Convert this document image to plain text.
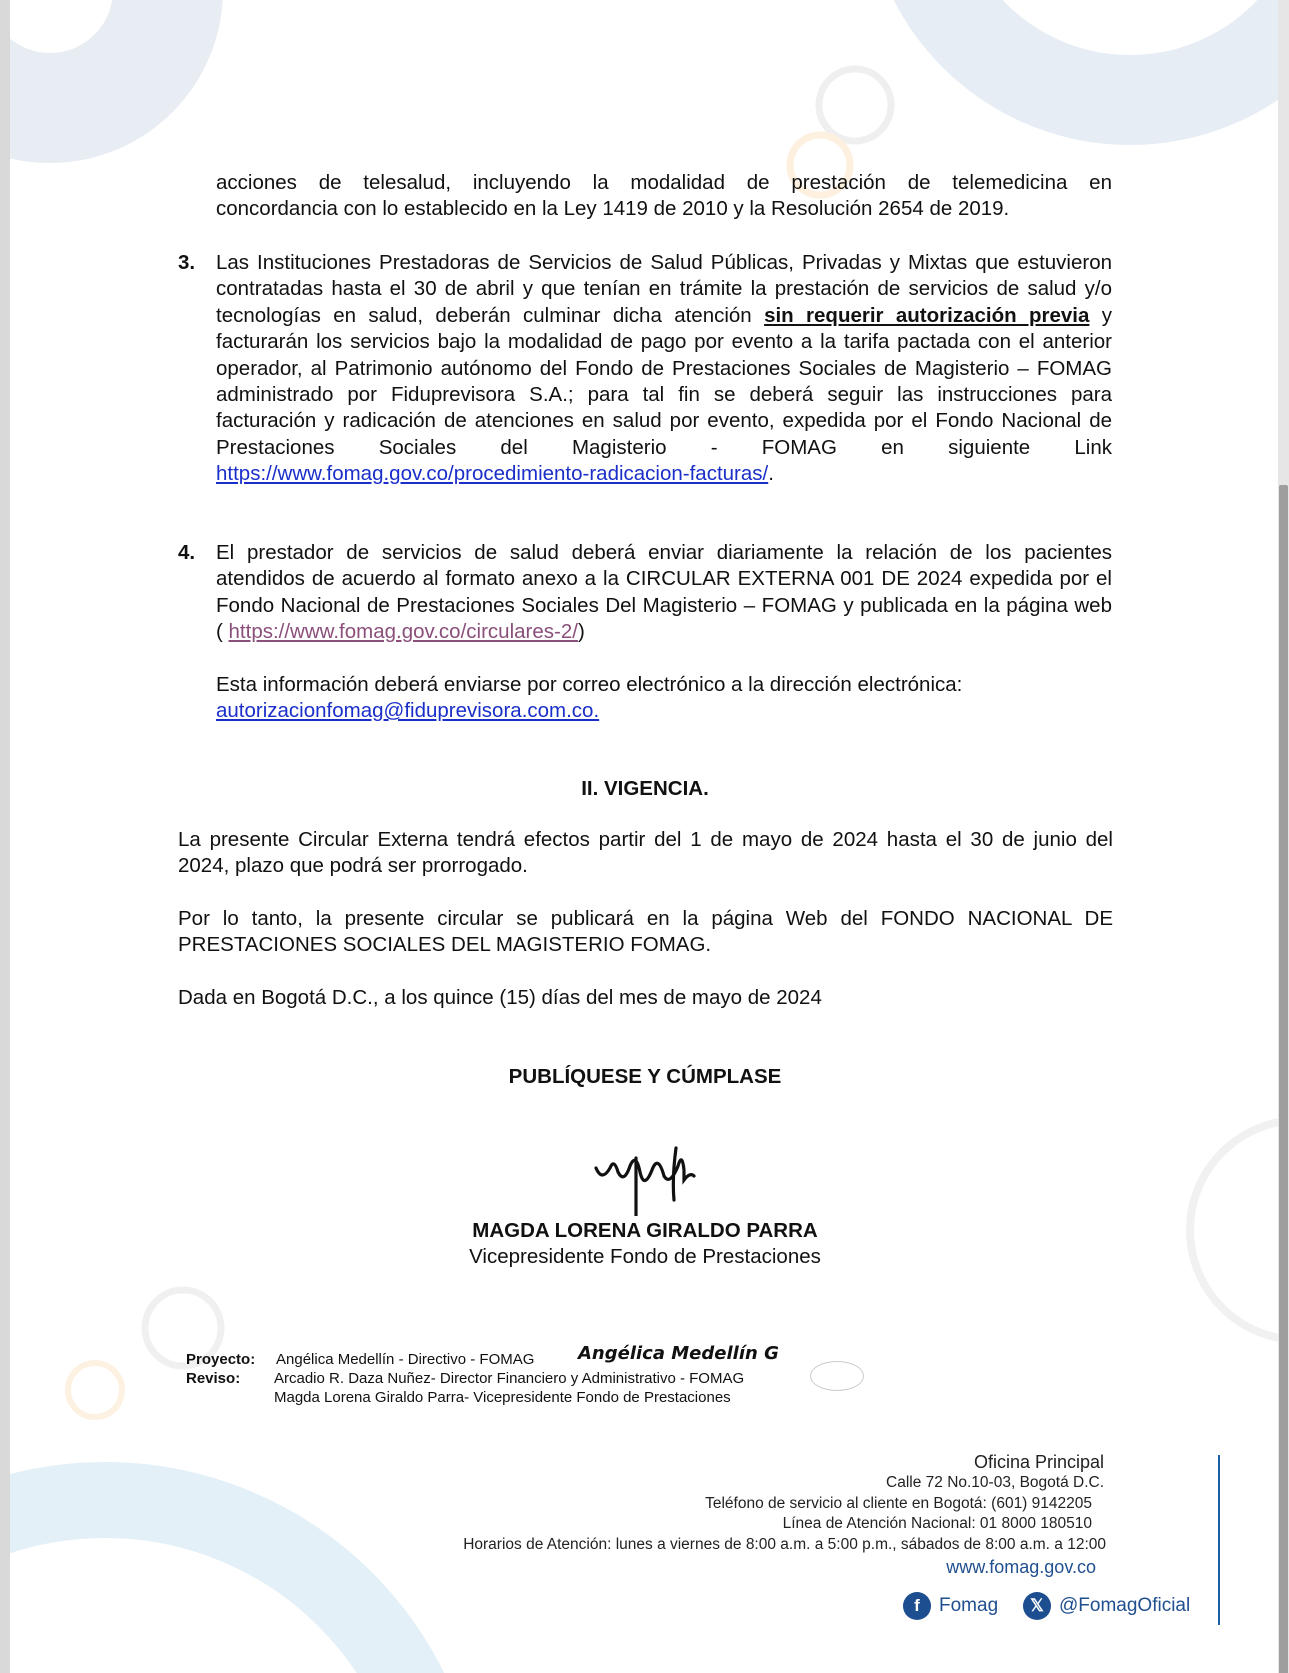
acciones de telesalud, incluyendo la modalidad de prestación de telemedicina en

concordancia con lo establecido en la Ley 1419 de 2010 y la Resolución 2654 de 2019.

3. Las Instituciones Prestadoras de Servicios de Salud Públicas, Privadas y Mixtas que estuvieron contratadas hasta el 30 de abril y que tenían en trámite la prestación de servicios de salud y/o tecnologías en salud, deberán culminar dicha atención sin requerir autorización previa y facturarán los servicios bajo la modalidad de pago por evento a la tarifa pactada con el anterior operador, al Patrimonio autónomo del Fondo de Prestaciones Sociales de Magisterio – FOMAG administrado por Fiduprevisora S.A.; para tal fin se deberá seguir las instrucciones para facturación y radicación de atenciones en salud por evento, expedida por el Fondo Nacional de Prestaciones Sociales del Magisterio - FOMAG en siguiente Link https://www.fomag.gov.co/procedimiento-radicacion-facturas/.

4. El prestador de servicios de salud deberá enviar diariamente la relación de los pacientes atendidos de acuerdo al formato anexo a la CIRCULAR EXTERNA 001 DE 2024 expedida por el Fondo Nacional de Prestaciones Sociales Del Magisterio – FOMAG y publicada en la página web ( https://www.fomag.gov.co/circulares-2/)

Esta información deberá enviarse por correo electrónico a la dirección electrónica:

autorizacionfomag@fiduprevisora.com.co.

II. VIGENCIA.
La presente Circular Externa tendrá efectos partir del 1 de mayo de 2024 hasta el 30 de junio del 2024, plazo que podrá ser prorrogado.
Por lo tanto, la presente circular se publicará en la página Web del FONDO NACIONAL DE PRESTACIONES SOCIALES DEL MAGISTERIO FOMAG.
Dada en Bogotá D.C., a los quince (15) días del mes de mayo de 2024
PUBLÍQUESE Y CÚMPLASE
MAGDA LORENA GIRALDO PARRA
Vicepresidente Fondo de Prestaciones
Proyecto: Angélica Medellín - Directivo - FOMAG Angélica Medellín G
Reviso: Arcadio R. Daza Nuñez- Director Financiero y Administrativo - FOMAG
Magda Lorena Giraldo Parra- Vicepresidente Fondo de Prestaciones
Oficina Principal
Calle 72 No.10-03, Bogotá D.C.
Teléfono de servicio al cliente en Bogotá: (601) 9142205
Línea de Atención Nacional: 01 8000 180510
Horarios de Atención: lunes a viernes de 8:00 a.m. a 5:00 p.m., sábados de 8:00 a.m. a 12:00
www.fomag.gov.co
f	Fomag	𝕏 @FomagOficial
